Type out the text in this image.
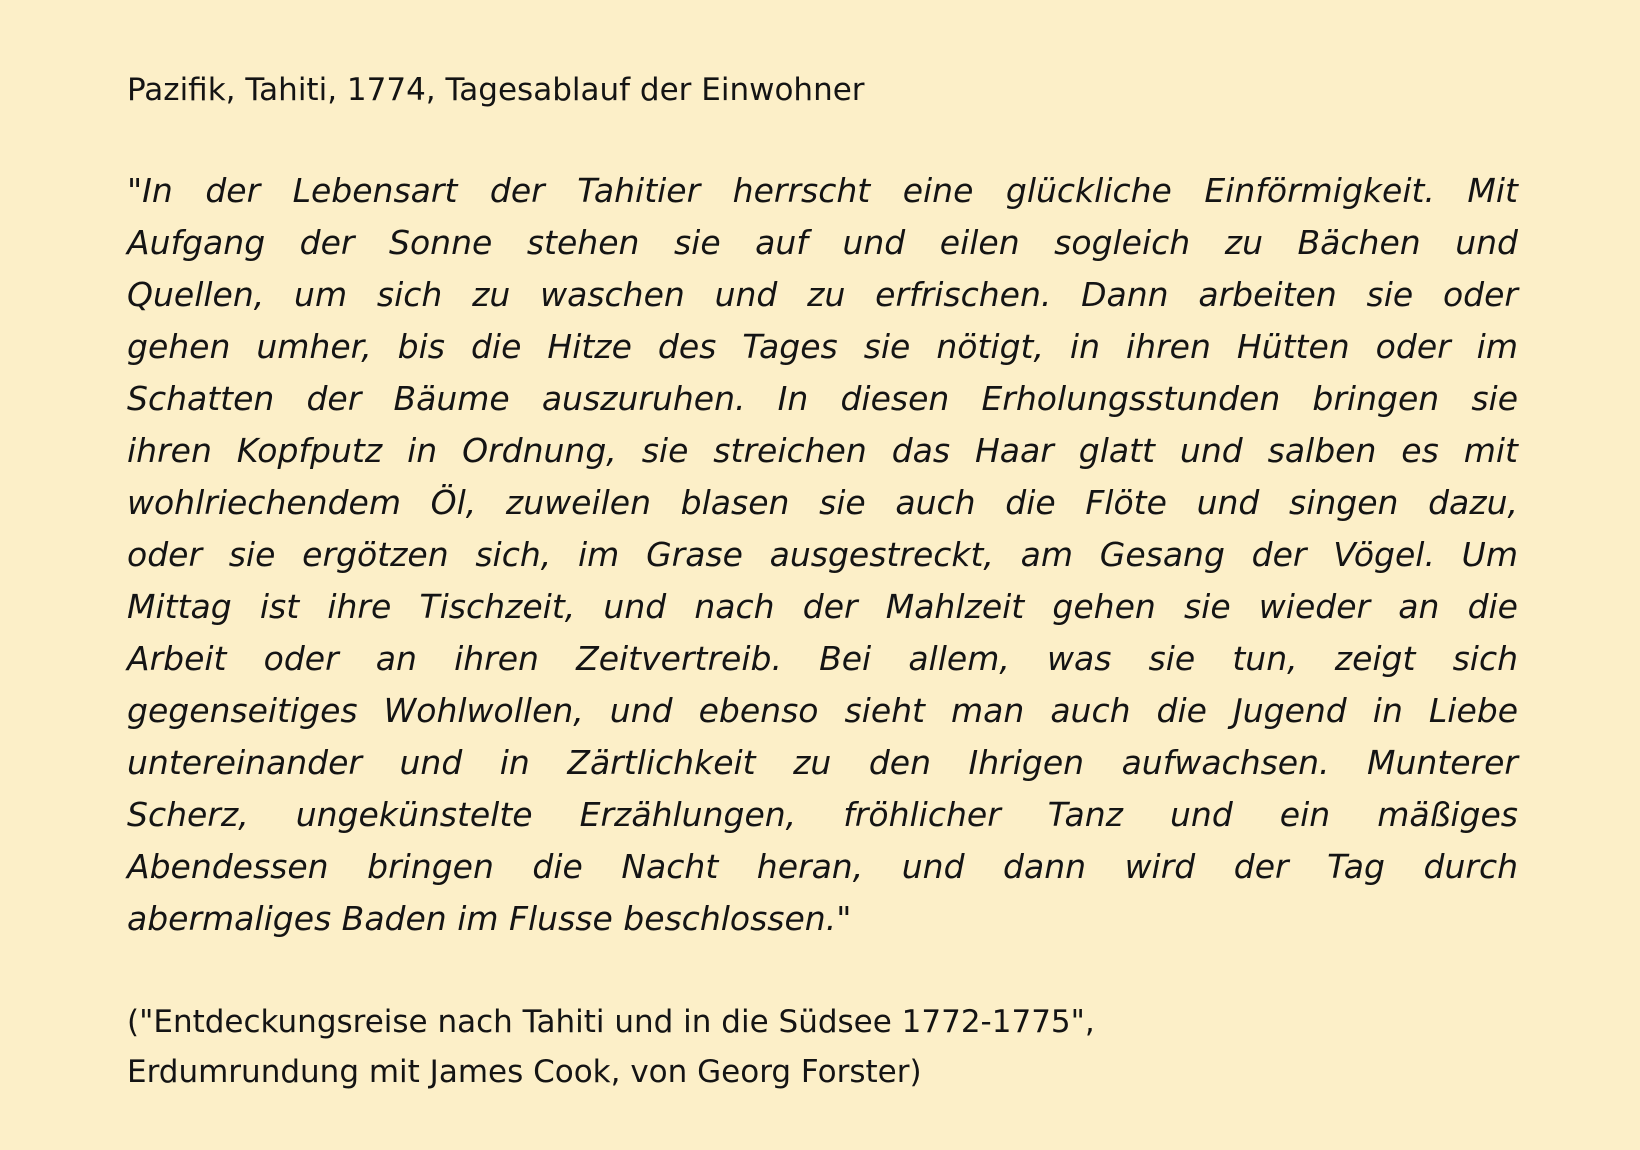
Pazifik, Tahiti, 1774, Tagesablauf der Einwohner
"In der Lebensart der Tahitier herrscht eine glückliche Einförmigkeit. Mit
Aufgang der Sonne stehen sie auf und eilen sogleich zu Bächen und
Quellen, um sich zu waschen und zu erfrischen. Dann arbeiten sie oder
gehen umher, bis die Hitze des Tages sie nötigt, in ihren Hütten oder im
Schatten der Bäume auszuruhen. In diesen Erholungsstunden bringen sie
ihren Kopfputz in Ordnung, sie streichen das Haar glatt und salben es mit
wohlriechendem Öl, zuweilen blasen sie auch die Flöte und singen dazu,
oder sie ergötzen sich, im Grase ausgestreckt, am Gesang der Vögel. Um
Mittag ist ihre Tischzeit, und nach der Mahlzeit gehen sie wieder an die
Arbeit oder an ihren Zeitvertreib. Bei allem, was sie tun, zeigt sich
gegenseitiges Wohlwollen, und ebenso sieht man auch die Jugend in Liebe
untereinander und in Zärtlichkeit zu den Ihrigen aufwachsen. Munterer
Scherz, ungekünstelte Erzählungen, fröhlicher Tanz und ein mäßiges
Abendessen bringen die Nacht heran, und dann wird der Tag durch
abermaliges Baden im Flusse beschlossen."
("Entdeckungsreise nach Tahiti und in die Südsee 1772-1775",
Erdumrundung mit James Cook, von Georg Forster)
